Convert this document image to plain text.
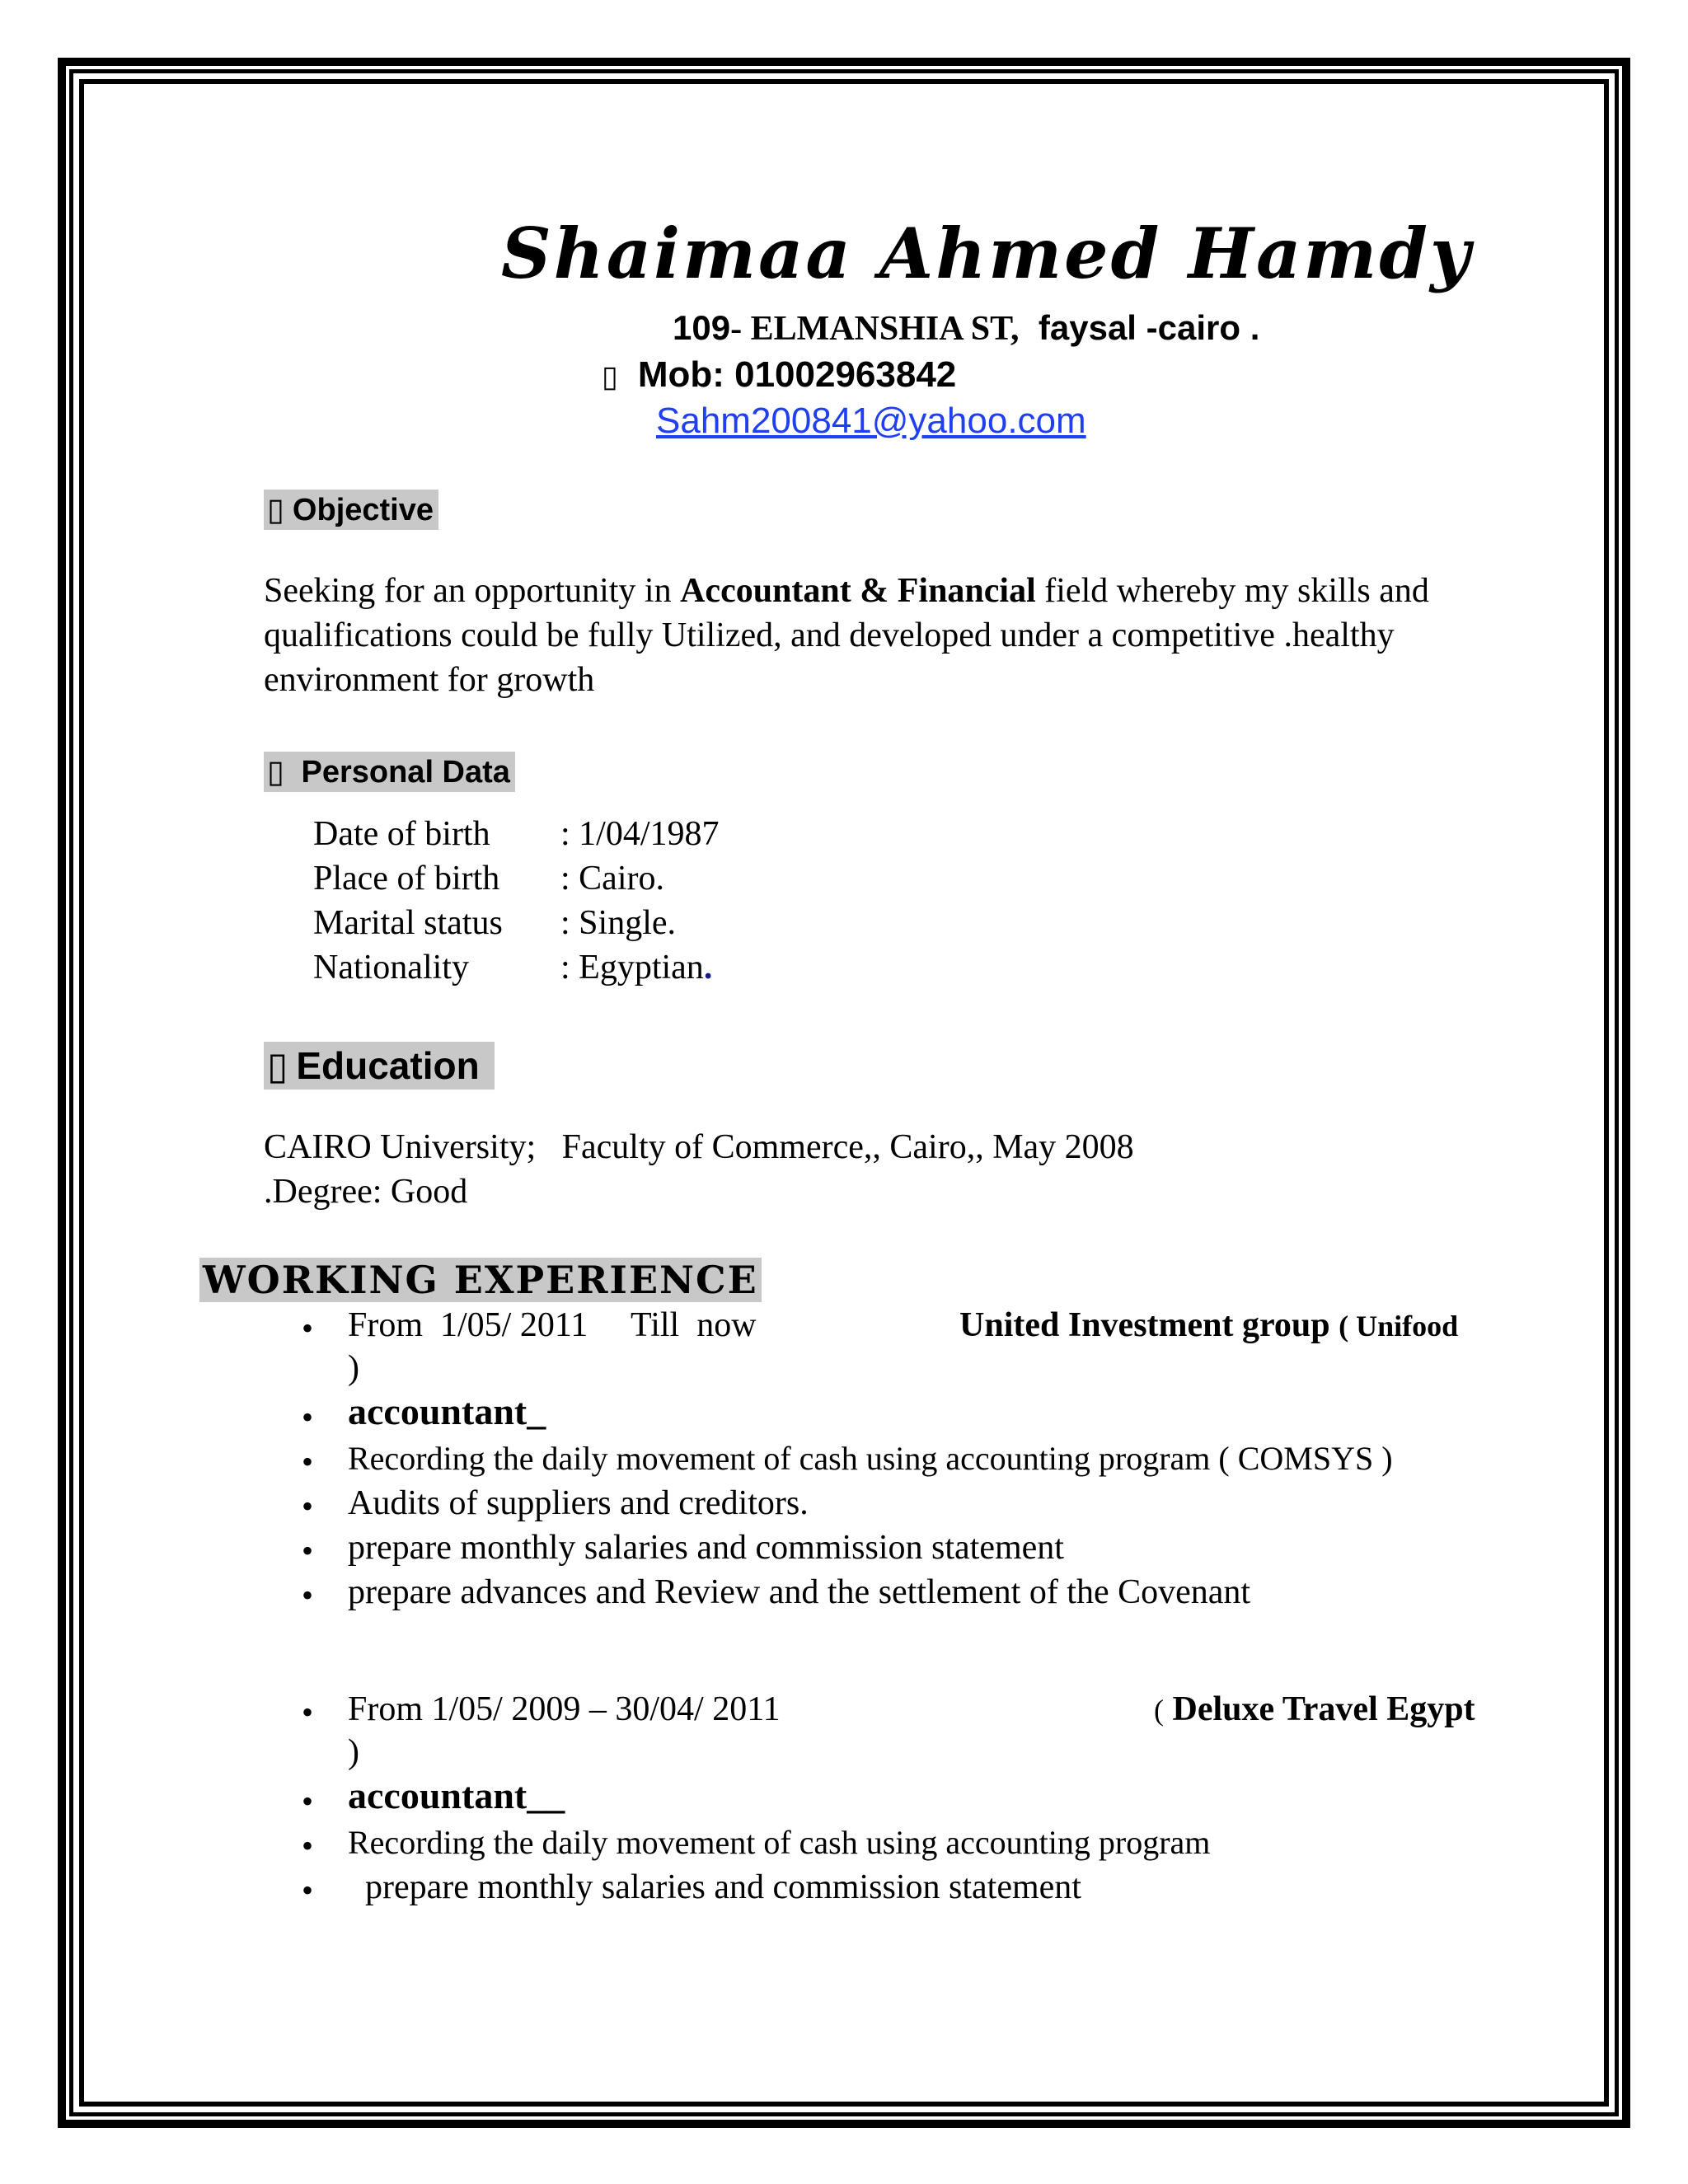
Shaimaa Ahmed Hamdy
109- ELMANSHIA ST, faysal -cairo .
▯ Mob: 01002963842
Sahm200841@yahoo.com
▯ Objective
Seeking for an opportunity in Accountant & Financial field whereby my skills and qualifications could be fully Utilized, and developed under a competitive .healthy environment for growth
▯ Personal Data
Date of birth : 1/04/1987
Place of birth : Cairo.
Marital status : Single.
Nationality	: Egyptian.
▯ Education
CAIRO University;   Faculty of Commerce,, Cairo,, May 2008
.Degree: Good
WORKING EXPERIENCE
• From  1/05/ 2011     Till  now	United Investment group ( Unifood
)
• accountant_
• Recording the daily movement of cash using accounting program ( COMSYS )
• Audits of suppliers and creditors.
• prepare monthly salaries and commission statement
• prepare advances and Review and the settlement of the Covenant
• From 1/05/ 2009 – 30/04/ 2011	( Deluxe Travel Egypt
)
• accountant__
• Recording the daily movement of cash using accounting program
• prepare monthly salaries and commission statement
